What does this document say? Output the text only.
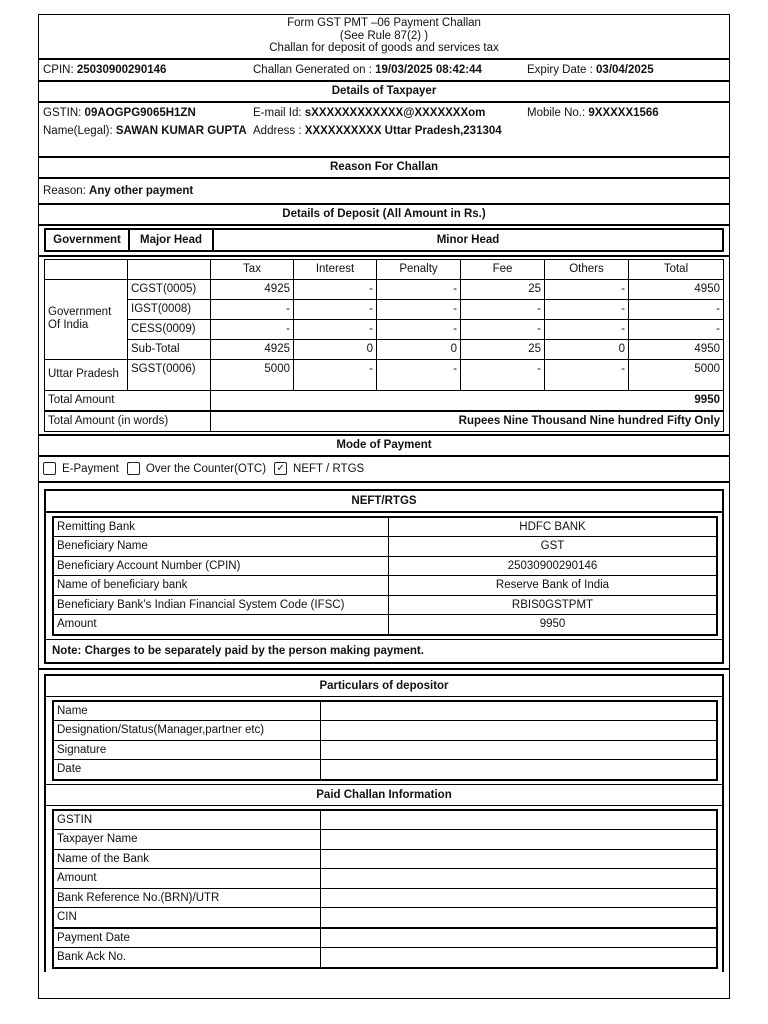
Form GST PMT –06 Payment Challan
(See Rule 87(2) )
Challan for deposit of goods and services tax
CPIN: 25030900290146	Challan Generated on : 19/03/2025 08:42:44	Expiry Date : 03/04/2025
Details of Taxpayer
GSTIN: 09AOGPG9065H1ZN
Name(Legal): SAWAN KUMAR GUPTA
E-mail Id: sXXXXXXXXXXXX@XXXXXXXom
Address : XXXXXXXXXX Uttar Pradesh,231304
Mobile No.: 9XXXXX1566
Reason For Challan
Reason: Any other payment
Details of Deposit (All Amount in Rs.)
Government	Major Head	Minor Head
		Tax	Interest	Penalty	Fee	Others	Total
Government Of India	CGST(0005)	4925	-	-	25	-	4950
	IGST(0008)	-	-	-	-	-	-
	CESS(0009)	-	-	-	-	-	-
	Sub-Total	4925	0	0	25	0	4950
Uttar Pradesh	SGST(0006)	5000	-	-	-	-	5000
Total Amount		9950					
Total Amount (in words)		Rupees Nine Thousand Nine hundred Fifty Only					
Mode of Payment
E-Payment Over the Counter(OTC) ✓ NEFT / RTGS
NEFT/RTGS
Remitting Bank	HDFC BANK
Beneficiary Name	GST
Beneficiary Account Number (CPIN)	25030900290146
Name of beneficiary bank	Reserve Bank of India
Beneficiary Bank’s Indian Financial System Code (IFSC)	RBIS0GSTPMT
Amount	9950
Note: Charges to be separately paid by the person making payment.
Particulars of depositor
Name	
Designation/Status(Manager,partner etc)	
Signature	
Date	
Paid Challan Information
GSTIN	
Taxpayer Name	
Name of the Bank	
Amount	
Bank Reference No.(BRN)/UTR	
CIN	
Payment Date	
Bank Ack No.	
